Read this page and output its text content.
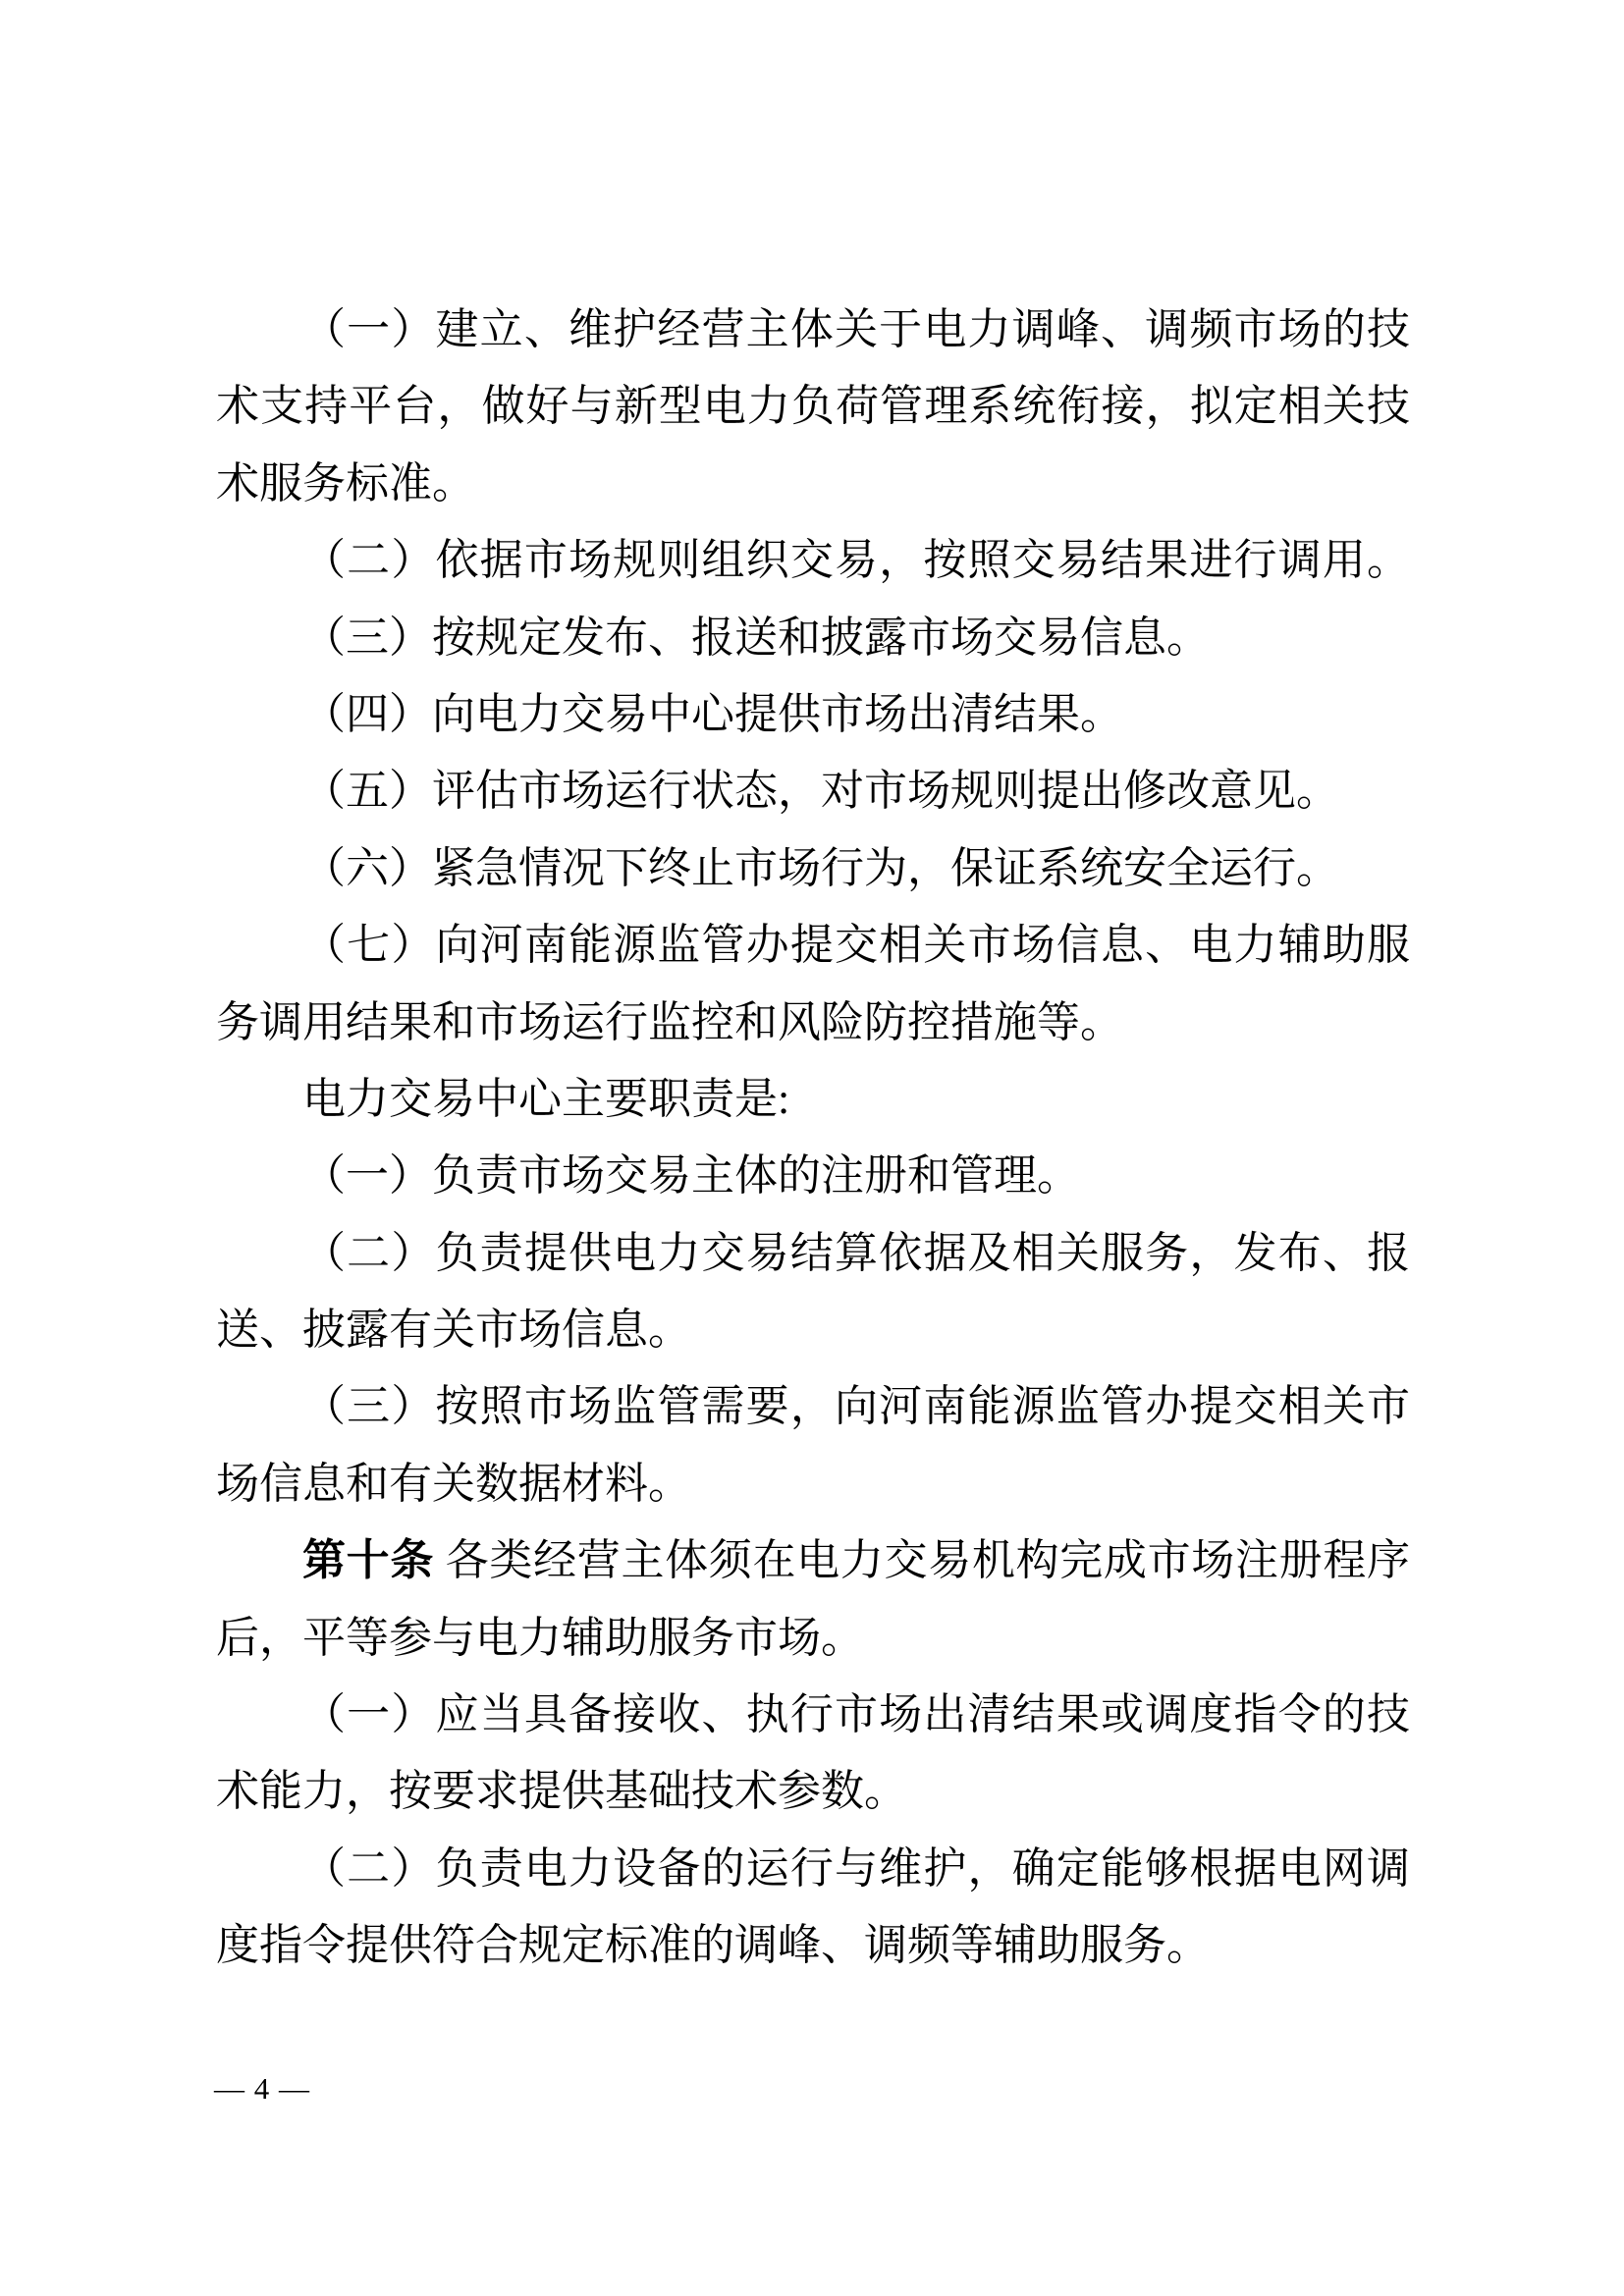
（一）建立、维护经营主体关于电力调峰、调频市场的技
术支持平台，做好与新型电力负荷管理系统衔接，拟定相关技
术服务标准。
（二）依据市场规则组织交易，按照交易结果进行调用。
（三）按规定发布、报送和披露市场交易信息。
（四）向电力交易中心提供市场出清结果。
（五）评估市场运行状态，对市场规则提出修改意见。
（六）紧急情况下终止市场行为，保证系统安全运行。
（七）向河南能源监管办提交相关市场信息、电力辅助服
务调用结果和市场运行监控和风险防控措施等。
电力交易中心主要职责是:
（一）负责市场交易主体的注册和管理。
（二）负责提供电力交易结算依据及相关服务，发布、报
送、披露有关市场信息。
（三）按照市场监管需要，向河南能源监管办提交相关市
场信息和有关数据材料。
第十条 各类经营主体须在电力交易机构完成市场注册程序
后，平等参与电力辅助服务市场。
（一）应当具备接收、执行市场出清结果或调度指令的技
术能力，按要求提供基础技术参数。
（二）负责电力设备的运行与维护，确定能够根据电网调
度指令提供符合规定标准的调峰、调频等辅助服务。
— 4 —
